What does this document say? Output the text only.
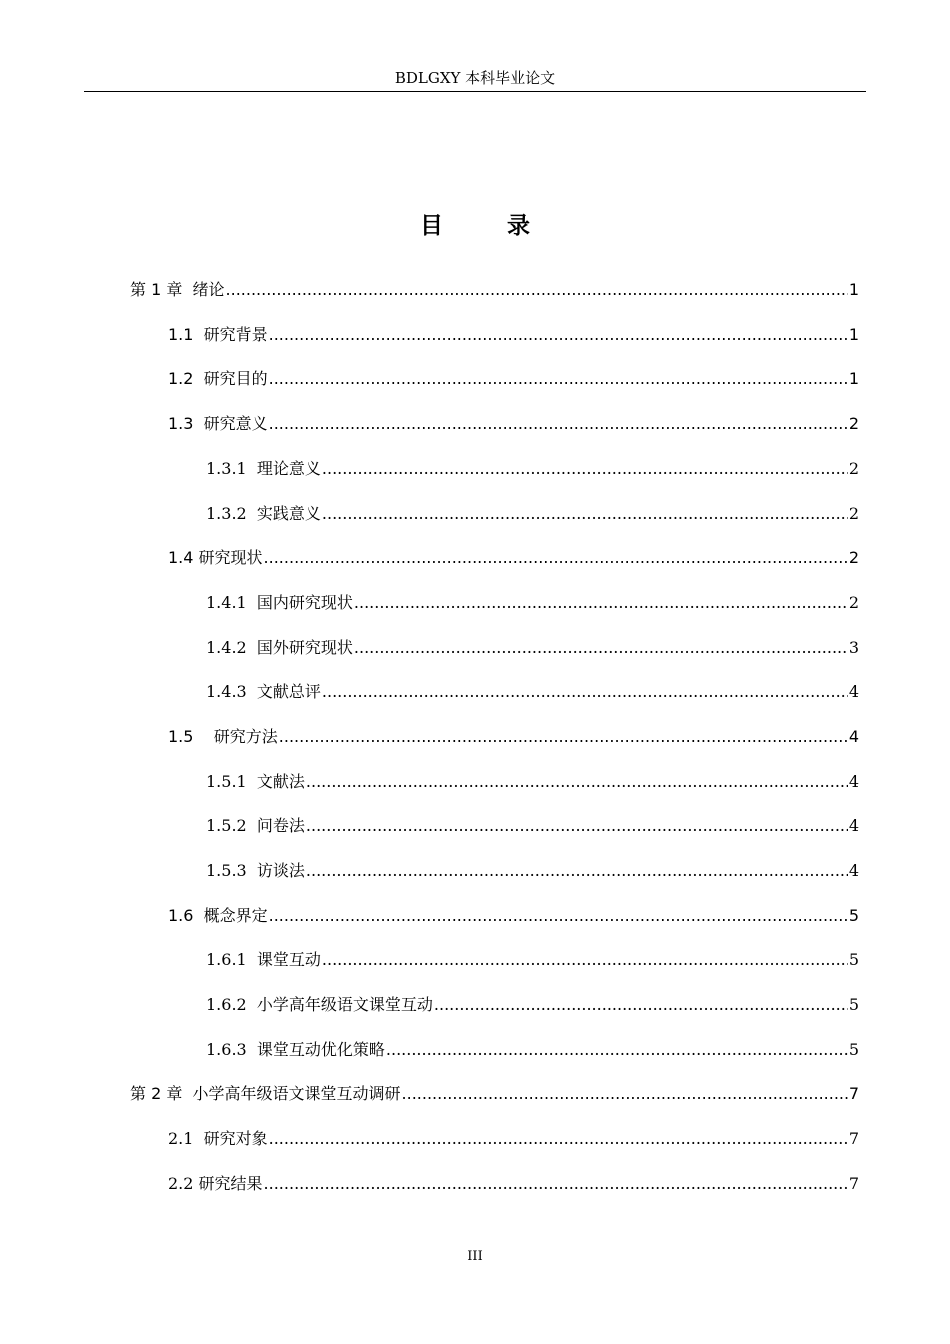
BDLGXY 本科毕业论文
目 录
第 1 章  绪论 .....	1
1.1  研究背景 .....	1
1.2  研究目的 .....	1
1.3  研究意义 .....	2
1.3.1  理论意义 .....	2
1.3.2  实践意义 .....	2
1.4 研究现状 .....	2
1.4.1  国内研究现状 .....	2
1.4.2  国外研究现状 .....	3
1.4.3  文献总评 .....	4
1.5    研究方法 .....	4
1.5.1  文献法 .....	4
1.5.2  问卷法 .....	4
1.5.3  访谈法 .....	4
1.6  概念界定 .....	5
1.6.1  课堂互动 .....	5
1.6.2  小学高年级语文课堂互动 .....	5
1.6.3  课堂互动优化策略 .....	5
第 2 章  小学高年级语文课堂互动调研 .....	7
2.1  研究对象 .....	7
2.2 研究结果 .....	7
III
